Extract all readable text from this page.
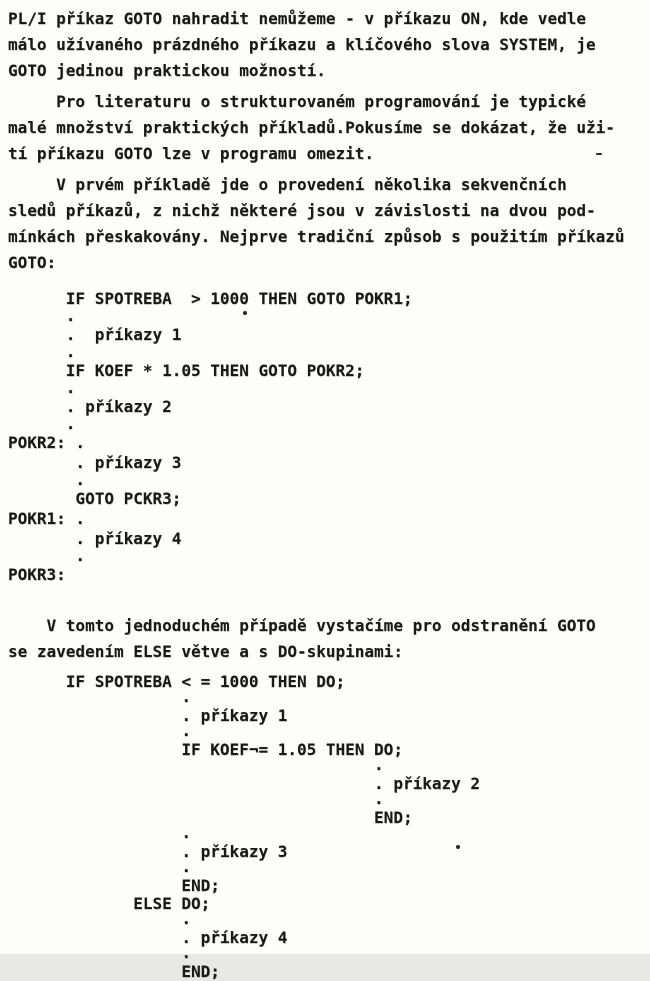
PL/I příkaz GOTO nahradit nemůžeme - v příkazu ON, kde vedle
málo užívaného prázdného příkazu a klíčového slova SYSTEM, je
GOTO jedinou praktickou možností.
Pro literaturu o strukturovaném programování je typické
malé množství praktických příkladů.Pokusíme se dokázat, že uži-
tí příkazu GOTO lze v programu omezit.
V prvém příkladě jde o provedení několika sekvenčních
sledů příkazů, z nichž některé jsou v závislosti na dvou pod-
mínkách přeskakovány. Nejprve tradiční způsob s použitím příkazů
GOTO:
IF SPOTREBA  > 1000 THEN GOTO POKR1;
.
.  příkazy 1
.
IF KOEF * 1.05 THEN GOTO POKR2;
.
. příkazy 2
.
POKR2: .
. příkazy 3
.
GOTO PCKR3;
POKR1: .
. příkazy 4
.
POKR3:
V tomto jednoduchém případě vystačíme pro odstranění GOTO
se zavedením ELSE větve a s DO-skupinami:
IF SPOTREBA < = 1000 THEN DO;
.
. příkazy 1
.
IF KOEF¬= 1.05 THEN DO;
.
. příkazy 2
.
END;
.
. příkazy 3
.
END;
ELSE DO;
.
. příkazy 4
.
END;
